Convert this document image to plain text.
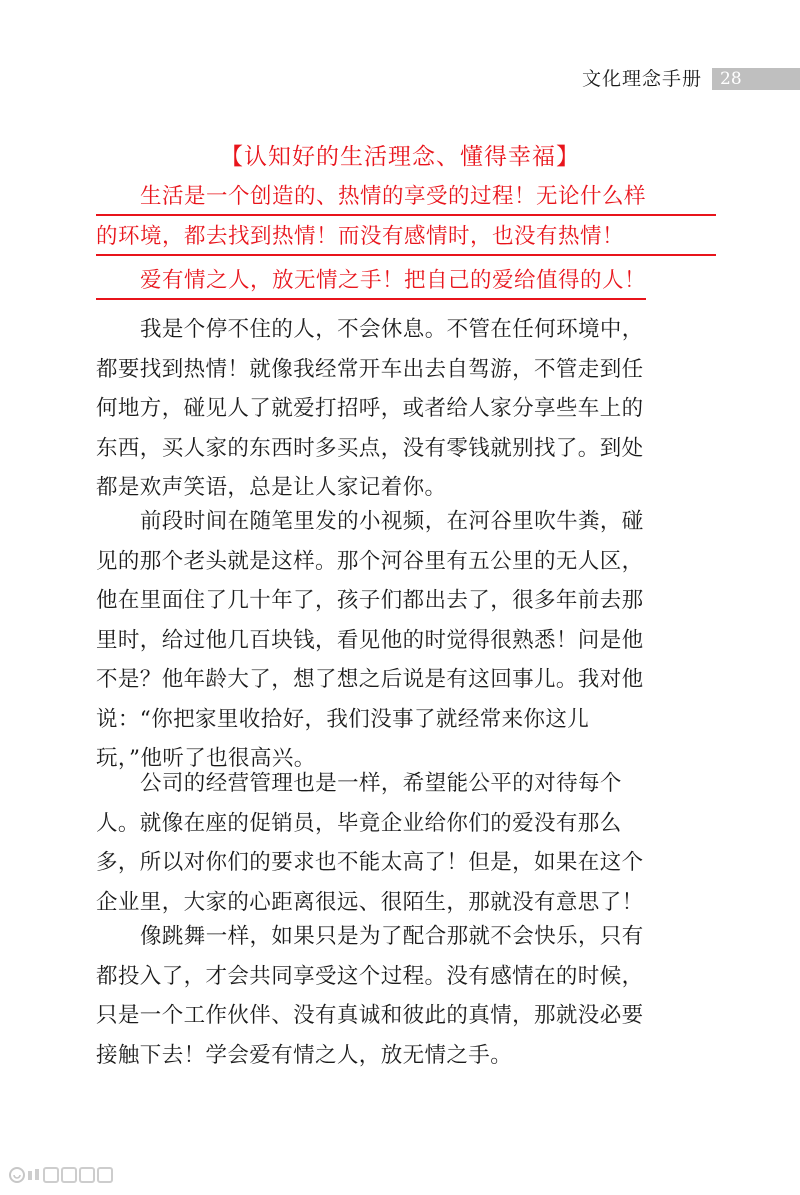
文化理念手册	28
【认知好的生活理念、懂得幸福】
生活是一个创造的、热情的享受的过程！无论什么样
的环境，都去找到热情！而没有感情时，也没有热情！
爱有情之人，放无情之手！把自己的爱给值得的人！
我是个停不住的人，不会休息。不管在任何环境中，
都要找到热情！就像我经常开车出去自驾游，不管走到任
何地方，碰见人了就爱打招呼，或者给人家分享些车上的
东西，买人家的东西时多买点，没有零钱就别找了。到处
都是欢声笑语，总是让人家记着你。
前段时间在随笔里发的小视频，在河谷里吹牛粪，碰
见的那个老头就是这样。那个河谷里有五公里的无人区，
他在里面住了几十年了，孩子们都出去了，很多年前去那
里时，给过他几百块钱，看见他的时觉得很熟悉！问是他
不是？他年龄大了，想了想之后说是有这回事儿。我对他
说：“你把家里收拾好，我们没事了就经常来你这儿
玩，”他听了也很高兴。
公司的经营管理也是一样，希望能公平的对待每个
人。就像在座的促销员，毕竟企业给你们的爱没有那么
多，所以对你们的要求也不能太高了！但是，如果在这个
企业里，大家的心距离很远、很陌生，那就没有意思了！
像跳舞一样，如果只是为了配合那就不会快乐，只有
都投入了，才会共同享受这个过程。没有感情在的时候，
只是一个工作伙伴、没有真诚和彼此的真情，那就没必要
接触下去！学会爱有情之人，放无情之手。
